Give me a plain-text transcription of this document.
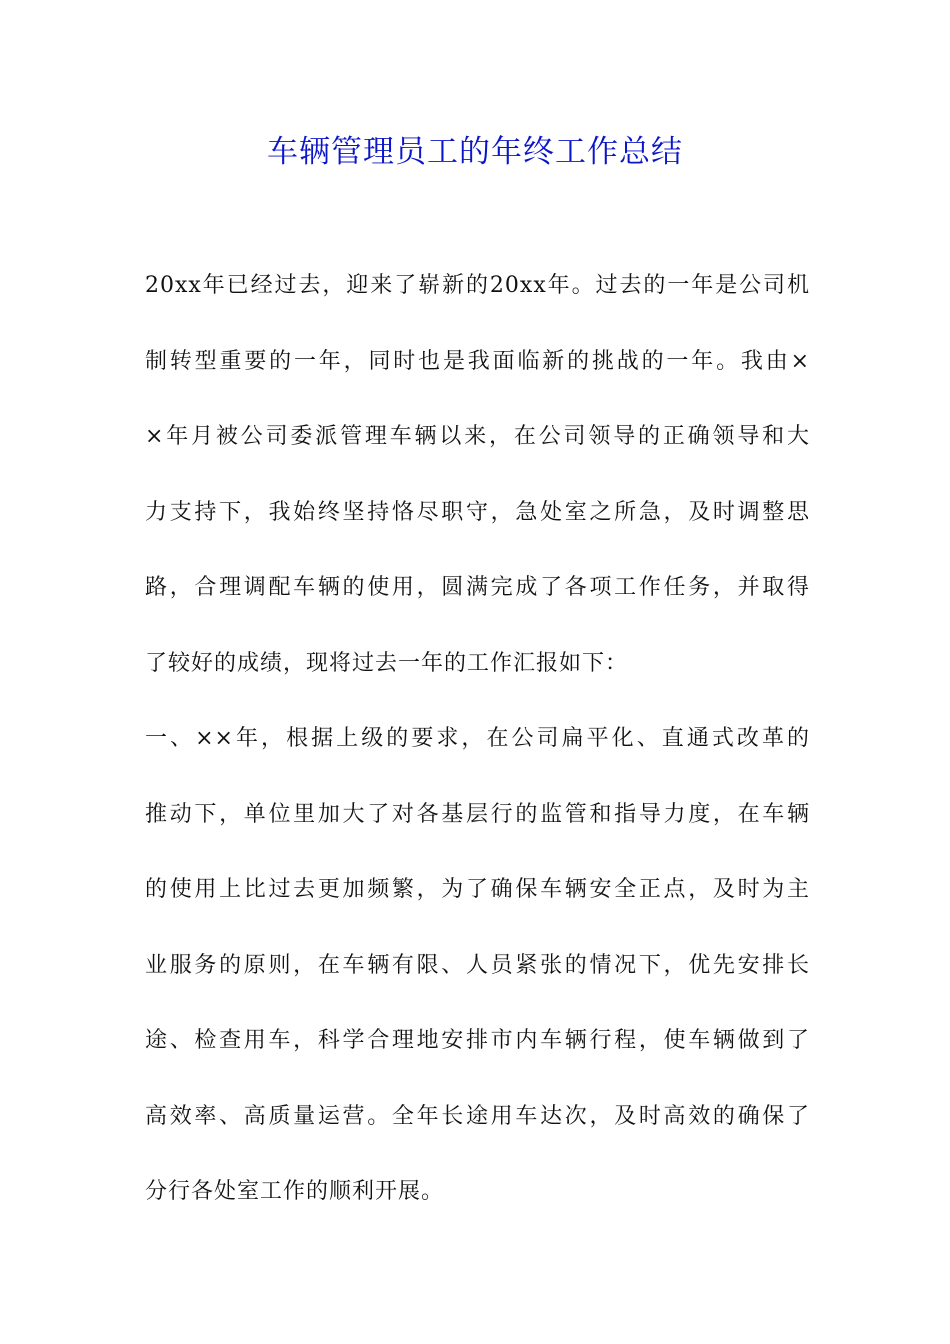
车辆管理员工的年终工作总结
20xx年已经过去，迎来了崭新的20xx年。过去的一年是公司机
制转型重要的一年，同时也是我面临新的挑战的一年。我由×
×年月被公司委派管理车辆以来，在公司领导的正确领导和大
力支持下，我始终坚持恪尽职守，急处室之所急，及时调整思
路，合理调配车辆的使用，圆满完成了各项工作任务，并取得
了较好的成绩，现将过去一年的工作汇报如下：
一、××年，根据上级的要求，在公司扁平化、直通式改革的
推动下，单位里加大了对各基层行的监管和指导力度，在车辆
的使用上比过去更加频繁，为了确保车辆安全正点，及时为主
业服务的原则，在车辆有限、人员紧张的情况下，优先安排长
途、检查用车，科学合理地安排市内车辆行程，使车辆做到了
高效率、高质量运营。全年长途用车达次，及时高效的确保了
分行各处室工作的顺利开展。
